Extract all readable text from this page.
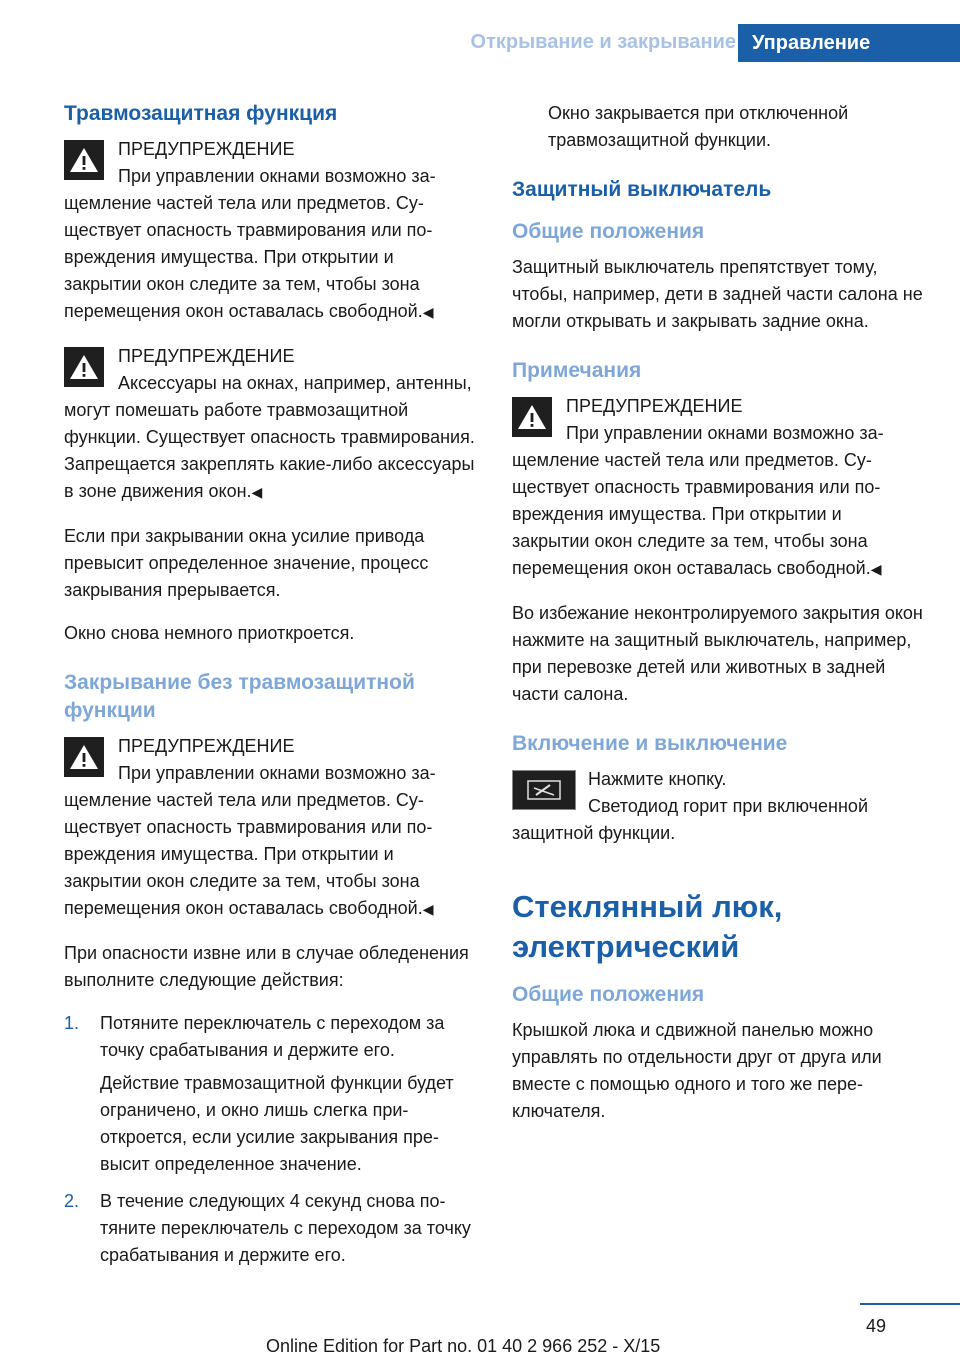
Открывание и закрывание Управление
Травмозащитная функция
ПРЕДУПРЕЖДЕНИЕ
При управлении окнами возможно защемление частей тела или предметов. Существует опасность травмирования или повреждения имущества. При открытии и закрытии окон следите за тем, чтобы зона перемещения окон оставалась свободной.◀
ПРЕДУПРЕЖДЕНИЕ
Аксессуары на окнах, например, антенны, могут помешать работе травмозащитной функции. Существует опасность травмирования. Запрещается закреплять какие-либо аксессуары в зоне движения окон.◀
Если при закрывании окна усилие привода превысит определенное значение, процесс закрывания прерывается.
Окно снова немного приоткроется.
Закрывание без травмозащитной функции
ПРЕДУПРЕЖДЕНИЕ
При управлении окнами возможно защемление частей тела или предметов. Существует опасность травмирования или повреждения имущества. При открытии и закрытии окон следите за тем, чтобы зона перемещения окон оставалась свободной.◀
При опасности извне или в случае обледенения выполните следующие действия:
1. Потяните переключатель с переходом за точку срабатывания и держите его.
Действие травмозащитной функции будет ограничено, и окно лишь слегка приоткроется, если усилие закрывания превысит определенное значение.
2. В течение следующих 4 секунд снова потяните переключатель с переходом за точку срабатывания и держите его.
Окно закрывается при отключенной травмозащитной функции.
Защитный выключатель
Общие положения
Защитный выключатель препятствует тому, чтобы, например, дети в задней части салона не могли открывать и закрывать задние окна.
Примечания
ПРЕДУПРЕЖДЕНИЕ
При управлении окнами возможно защемление частей тела или предметов. Существует опасность травмирования или повреждения имущества. При открытии и закрытии окон следите за тем, чтобы зона перемещения окон оставалась свободной.◀
Во избежание неконтролируемого закрытия окон нажмите на защитный выключатель, например, при перевозке детей или животных в задней части салона.
Включение и выключение
Нажмите кнопку.
Светодиод горит при включенной защитной функции.
Стеклянный люк, электрический
Общие положения
Крышкой люка и сдвижной панелью можно управлять по отдельности друг от друга или вместе с помощью одного и того же переключателя.
49
Online Edition for Part no. 01 40 2 966 252 - X/15
